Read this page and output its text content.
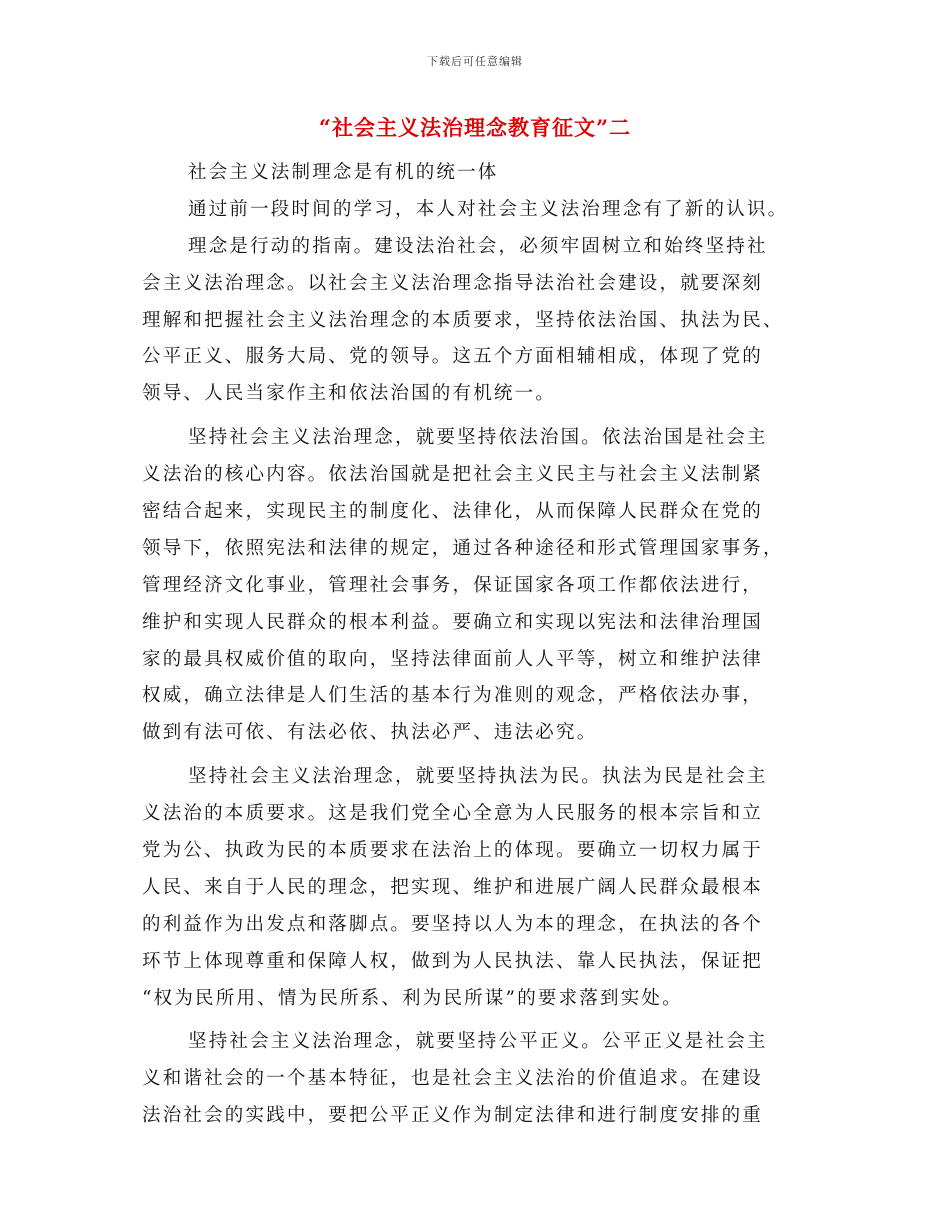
下载后可任意编辑
“社会主义法治理念教育征文”二
社会主义法制理念是有机的统一体
通过前一段时间的学习，本人对社会主义法治理念有了新的认识。
理念是行动的指南。建设法治社会，必须牢固树立和始终坚持社
会主义法治理念。以社会主义法治理念指导法治社会建设，就要深刻
理解和把握社会主义法治理念的本质要求，坚持依法治国、执法为民、
公平正义、服务大局、党的领导。这五个方面相辅相成，体现了党的
领导、人民当家作主和依法治国的有机统一。
坚持社会主义法治理念，就要坚持依法治国。依法治国是社会主
义法治的核心内容。依法治国就是把社会主义民主与社会主义法制紧
密结合起来，实现民主的制度化、法律化，从而保障人民群众在党的
领导下，依照宪法和法律的规定，通过各种途径和形式管理国家事务，
管理经济文化事业，管理社会事务，保证国家各项工作都依法进行，
维护和实现人民群众的根本利益。要确立和实现以宪法和法律治理国
家的最具权威价值的取向，坚持法律面前人人平等，树立和维护法律
权威，确立法律是人们生活的基本行为准则的观念，严格依法办事，
做到有法可依、有法必依、执法必严、违法必究。
坚持社会主义法治理念，就要坚持执法为民。执法为民是社会主
义法治的本质要求。这是我们党全心全意为人民服务的根本宗旨和立
党为公、执政为民的本质要求在法治上的体现。要确立一切权力属于
人民、来自于人民的理念，把实现、维护和进展广阔人民群众最根本
的利益作为出发点和落脚点。要坚持以人为本的理念，在执法的各个
环节上体现尊重和保障人权，做到为人民执法、靠人民执法，保证把
“权为民所用、情为民所系、利为民所谋”的要求落到实处。
坚持社会主义法治理念，就要坚持公平正义。公平正义是社会主
义和谐社会的一个基本特征，也是社会主义法治的价值追求。在建设
法治社会的实践中，要把公平正义作为制定法律和进行制度安排的重
